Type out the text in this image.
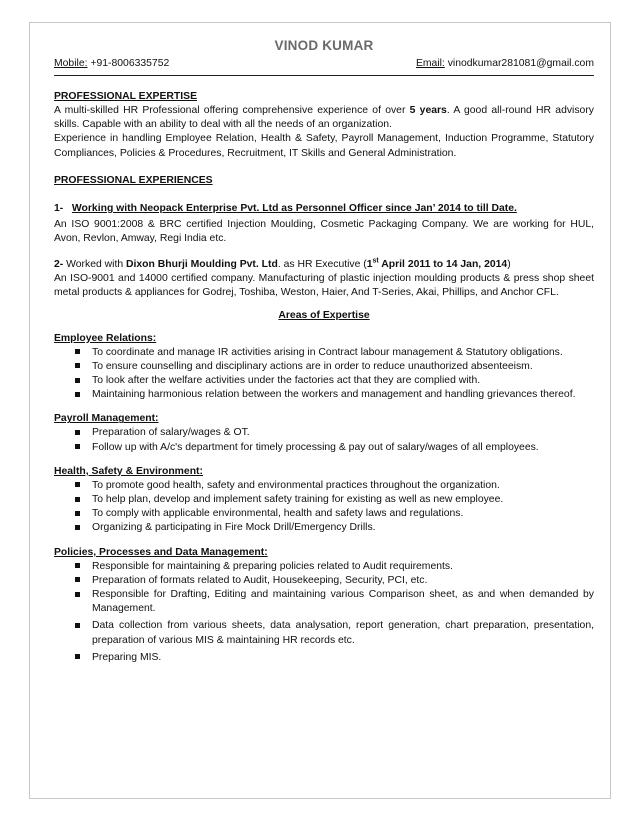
VINOD KUMAR
Mobile: +91-8006335752	Email: vinodkumar281081@gmail.com
PROFESSIONAL EXPERTISE

A multi-skilled HR Professional offering comprehensive experience of over 5 years. A good all-round HR advisory skills. Capable with an ability to deal with all the needs of an organization.

Experience in handling Employee Relation, Health & Safety, Payroll Management, Induction Programme, Statutory Compliances, Policies & Procedures, Recruitment, IT Skills and General Administration.

PROFESSIONAL EXPERIENCES
1- Working with Neopack Enterprise Pvt. Ltd as Personnel Officer since Jan’ 2014 to till Date.

An ISO 9001:2008 & BRC certified Injection Moulding, Cosmetic Packaging Company. We are working for HUL, Avon, Revlon, Amway, Regi India etc.

2- Worked with Dixon Bhurji Moulding Pvt. Ltd. as HR Executive (1st April 2011 to 14 Jan, 2014)

An ISO-9001 and 14000 certified company. Manufacturing of plastic injection moulding products & press shop sheet metal products & appliances for Godrej, Toshiba, Weston, Haier, And T-Series, Akai, Phillips, and Anchor CFL.

Areas of Expertise
Employee Relations:
To coordinate and manage IR activities arising in Contract labour management & Statutory obligations.
To ensure counselling and disciplinary actions are in order to reduce unauthorized absenteeism.
To look after the welfare activities under the factories act that they are complied with.
Maintaining harmonious relation between the workers and management and handling grievances thereof.
Payroll Management:
Preparation of salary/wages & OT.
Follow up with A/c's department for timely processing & pay out of salary/wages of all employees.
Health, Safety & Environment:
To promote good health, safety and environmental practices throughout the organization.
To help plan, develop and implement safety training for existing as well as new employee.
To comply with applicable environmental, health and safety laws and regulations.
Organizing & participating in Fire Mock Drill/Emergency Drills.
Policies, Processes and Data Management:
Responsible for maintaining & preparing policies related to Audit requirements.
Preparation of formats related to Audit, Housekeeping, Security, PCI, etc.
Responsible for Drafting, Editing and maintaining various Comparison sheet, as and when demanded by Management.
Data collection from various sheets, data analysation, report generation, chart preparation, presentation, preparation of various MIS & maintaining HR records etc.
Preparing MIS.
